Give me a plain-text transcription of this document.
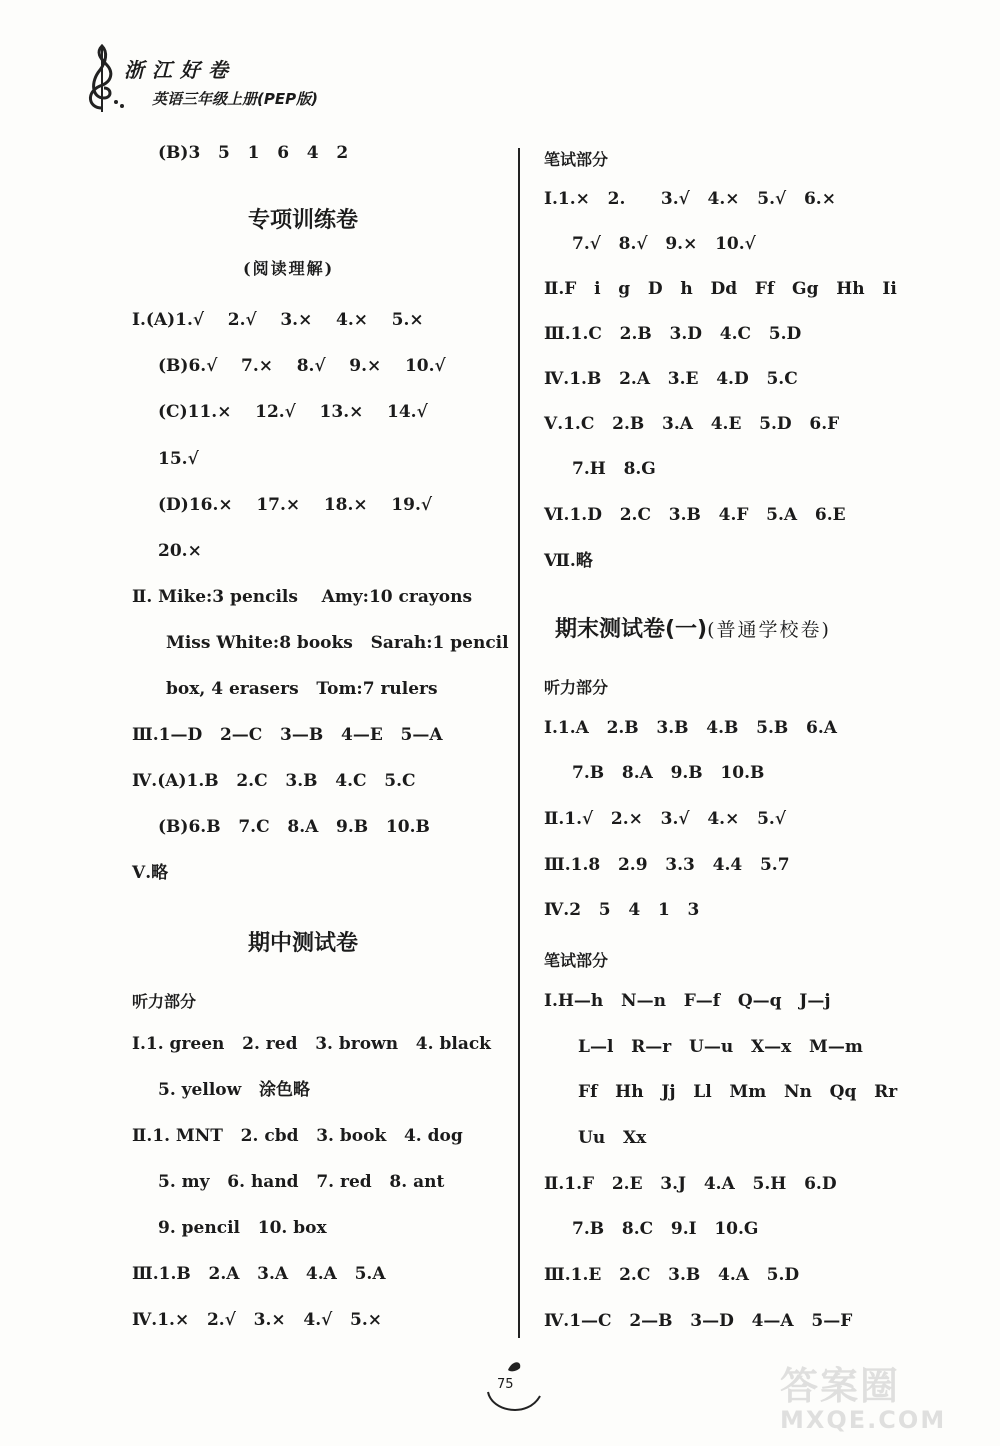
浙江好卷
英语三年级上册(PEP版)
(B)3   5   1   6   4   2
专项训练卷
(阅读理解)
Ⅰ.(A)1.√    2.√    3.×    4.×    5.×
(B)6.√    7.×    8.√    9.×    10.√
(C)11.×    12.√    13.×    14.√
15.√
(D)16.×    17.×    18.×    19.√
20.×
Ⅱ. Mike:3 pencils    Amy:10 crayons
Miss White:8 books   Sarah:1 pencil
box, 4 erasers   Tom:7 rulers
Ⅲ.1—D   2—C   3—B   4—E   5—A
Ⅳ.(A)1.B   2.C   3.B   4.C   5.C
(B)6.B   7.C   8.A   9.B   10.B
Ⅴ.略
期中测试卷
听力部分
Ⅰ.1. green   2. red   3. brown   4. black
5. yellow   涂色略
Ⅱ.1. MNT   2. cbd   3. book   4. dog
5. my   6. hand   7. red   8. ant
9. pencil   10. box
Ⅲ.1.B   2.A   3.A   4.A   5.A
Ⅳ.1.×   2.√   3.×   4.√   5.×
笔试部分
Ⅰ.1.×   2.      3.√   4.×   5.√   6.×
7.√   8.√   9.×   10.√
Ⅱ.F   i   g   D   h   Dd   Ff   Gg   Hh   Ii
Ⅲ.1.C   2.B   3.D   4.C   5.D
Ⅳ.1.B   2.A   3.E   4.D   5.C
Ⅴ.1.C   2.B   3.A   4.E   5.D   6.F
7.H   8.G
Ⅵ.1.D   2.C   3.B   4.F   5.A   6.E
Ⅶ.略
期末测试卷(一)(普通学校卷)
听力部分
Ⅰ.1.A   2.B   3.B   4.B   5.B   6.A
7.B   8.A   9.B   10.B
Ⅱ.1.√   2.×   3.√   4.×   5.√
Ⅲ.1.8   2.9   3.3   4.4   5.7
Ⅳ.2   5   4   1   3
笔试部分
Ⅰ.H—h   N—n   F—f   Q—q   J—j
L—l   R—r   U—u   X—x   M—m
Ff   Hh   Jj   Ll   Mm   Nn   Qq   Rr
Uu   Xx
Ⅱ.1.F   2.E   3.J   4.A   5.H   6.D
7.B   8.C   9.I   10.G
Ⅲ.1.E   2.C   3.B   4.A   5.D
Ⅳ.1—C   2—B   3—D   4—A   5—F
75	答案圈
MXQE.COM
